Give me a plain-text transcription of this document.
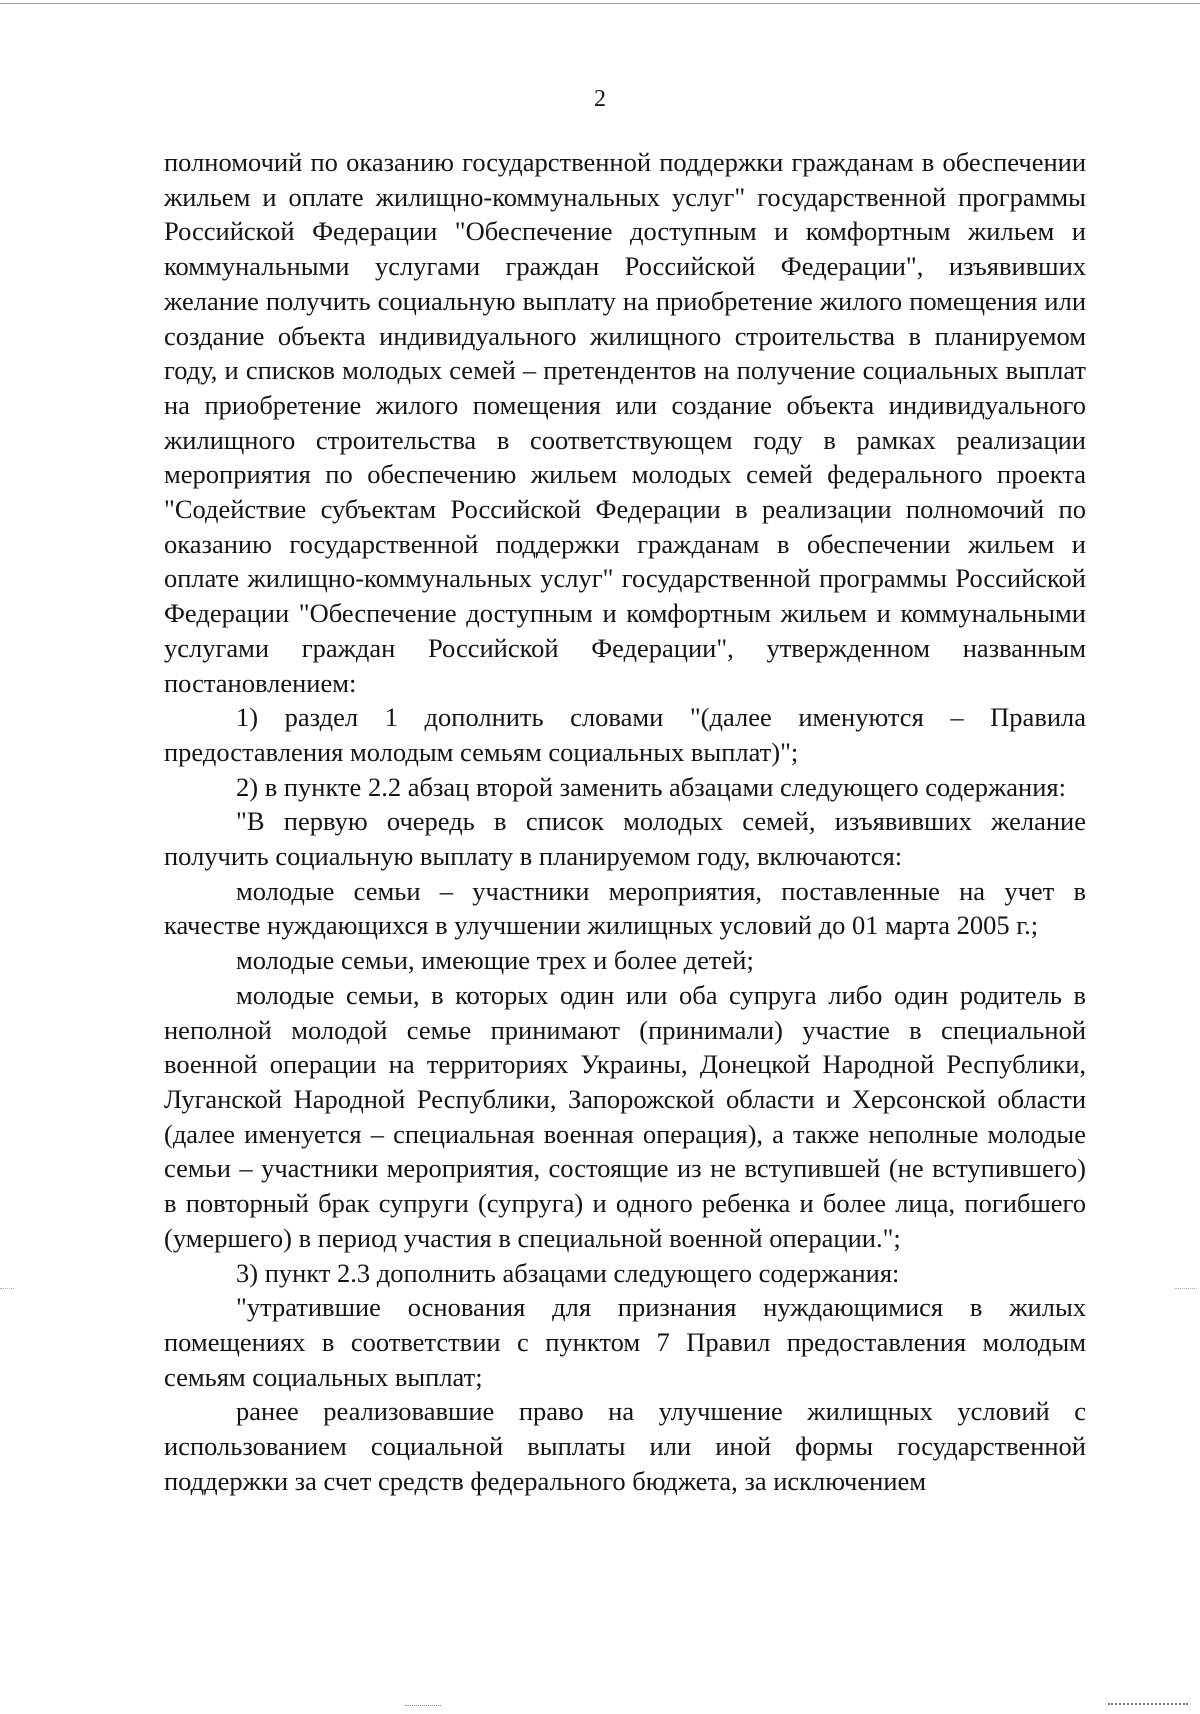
2

полномочий по оказанию государственной поддержки гражданам в обеспечении жильем и оплате жилищно-коммунальных услуг" государственной программы Российской Федерации "Обеспечение доступным и комфортным жильем и коммунальными услугами граждан Российской Федерации", изъявивших желание получить социальную выплату на приобретение жилого помещения или создание объекта индивидуального жилищного строительства в планируемом году, и списков молодых семей – претендентов на получение социальных выплат на приобретение жилого помещения или создание объекта индивидуального жилищного строительства в соответствующем году в рамках реализации мероприятия по обеспечению жильем молодых семей федерального проекта "Содействие субъектам Российской Федерации в реализации полномочий по оказанию государственной поддержки гражданам в обеспечении жильем и оплате жилищно-коммунальных услуг" государственной программы Российской Федерации "Обеспечение доступным и комфортным жильем и коммунальными услугами граждан Российской Федерации", утвержденном названным постановлением:

1) раздел 1 дополнить словами "(далее именуются – Правила предоставления молодым семьям социальных выплат)";

2) в пункте 2.2 абзац второй заменить абзацами следующего содержания:

"В первую очередь в список молодых семей, изъявивших желание получить социальную выплату в планируемом году, включаются:

молодые семьи – участники мероприятия, поставленные на учет в качестве нуждающихся в улучшении жилищных условий до 01 марта 2005 г.;

молодые семьи, имеющие трех и более детей;

молодые семьи, в которых один или оба супруга либо один родитель в неполной молодой семье принимают (принимали) участие в специальной военной операции на территориях Украины, Донецкой Народной Республики, Луганской Народной Республики, Запорожской области и Херсонской области (далее именуется – специальная военная операция), а также неполные молодые семьи – участники мероприятия, состоящие из не вступившей (не вступившего) в повторный брак супруги (супруга) и одного ребенка и более лица, погибшего (умершего) в период участия в специальной военной операции.";

3) пункт 2.3 дополнить абзацами следующего содержания:

"утратившие основания для признания нуждающимися в жилых помещениях в соответствии с пунктом 7 Правил предоставления молодым семьям социальных выплат;

ранее реализовавшие право на улучшение жилищных условий с использованием социальной выплаты или иной формы государственной поддержки за счет средств федерального бюджета, за исключением
